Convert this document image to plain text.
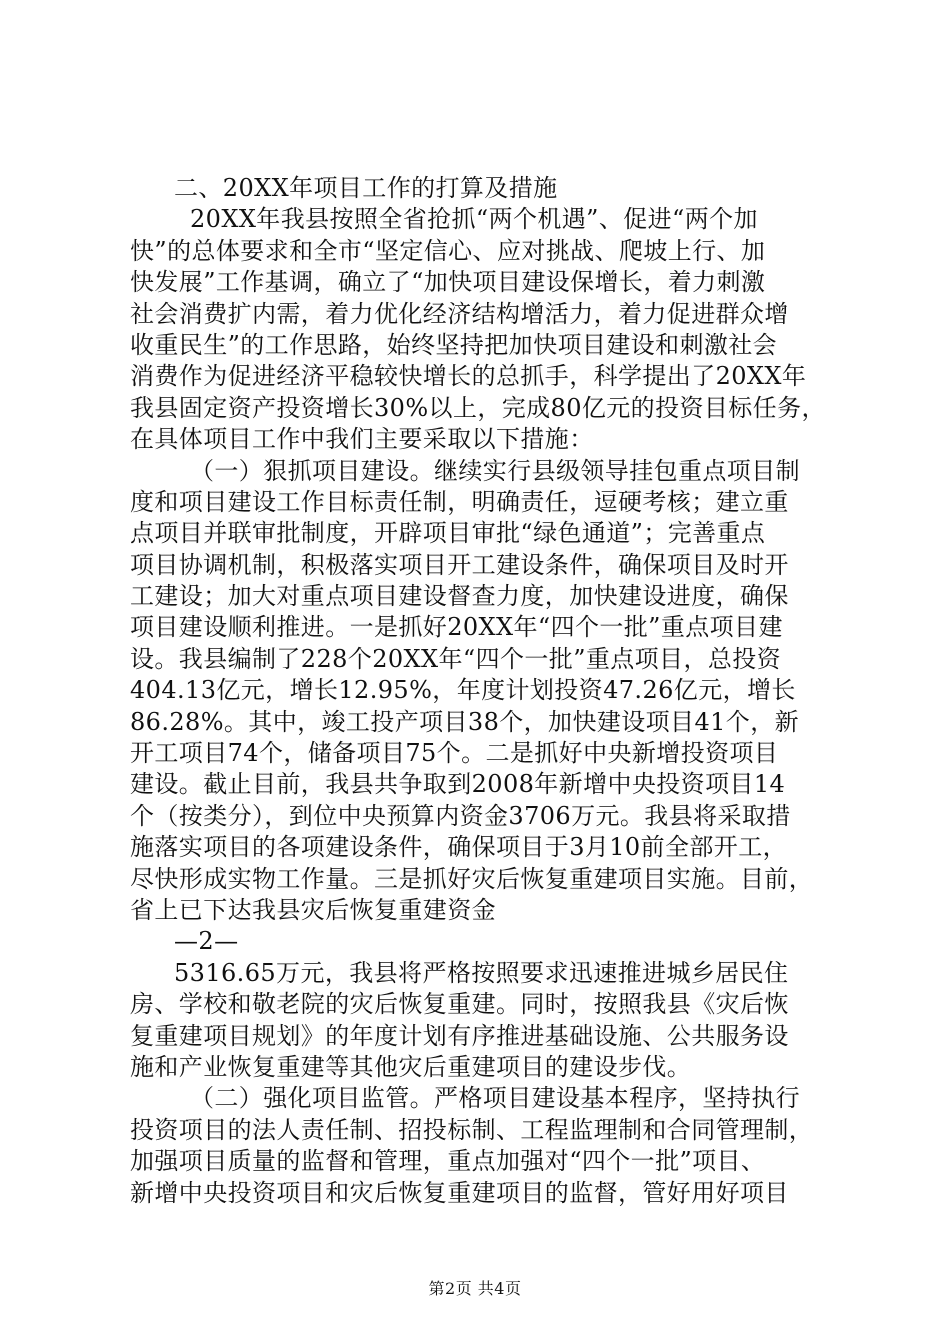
二、20XX年项目工作的打算及措施
20XX年我县按照全省抢抓“两个机遇”、促进“两个加
快”的总体要求和全市“坚定信心、应对挑战、爬坡上行、加
快发展”工作基调，确立了“加快项目建设保增长，着力刺激
社会消费扩内需，着力优化经济结构增活力，着力促进群众增
收重民生”的工作思路，始终坚持把加快项目建设和刺激社会
消费作为促进经济平稳较快增长的总抓手，科学提出了20XX年
我县固定资产投资增长30%以上，完成80亿元的投资目标任务，
在具体项目工作中我们主要采取以下措施：
（一）狠抓项目建设。继续实行县级领导挂包重点项目制
度和项目建设工作目标责任制，明确责任，逗硬考核；建立重
点项目并联审批制度，开辟项目审批“绿色通道”；完善重点
项目协调机制，积极落实项目开工建设条件，确保项目及时开
工建设；加大对重点项目建设督查力度，加快建设进度，确保
项目建设顺利推进。一是抓好20XX年“四个一批”重点项目建
设。我县编制了228个20XX年“四个一批”重点项目，总投资
404.13亿元，增长12.95%，年度计划投资47.26亿元，增长
86.28%。其中，竣工投产项目38个，加快建设项目41个，新
开工项目74个，储备项目75个。二是抓好中央新增投资项目
建设。截止目前，我县共争取到2008年新增中央投资项目14
个（按类分），到位中央预算内资金3706万元。我县将采取措
施落实项目的各项建设条件，确保项目于3月10前全部开工，
尽快形成实物工作量。三是抓好灾后恢复重建项目实施。目前，
省上已下达我县灾后恢复重建资金
—2—
5316.65万元，我县将严格按照要求迅速推进城乡居民住
房、学校和敬老院的灾后恢复重建。同时，按照我县《灾后恢
复重建项目规划》的年度计划有序推进基础设施、公共服务设
施和产业恢复重建等其他灾后重建项目的建设步伐。
（二）强化项目监管。严格项目建设基本程序，坚持执行
投资项目的法人责任制、招投标制、工程监理制和合同管理制，
加强项目质量的监督和管理，重点加强对“四个一批”项目、
新增中央投资项目和灾后恢复重建项目的监督，管好用好项目
第2页 共4页
